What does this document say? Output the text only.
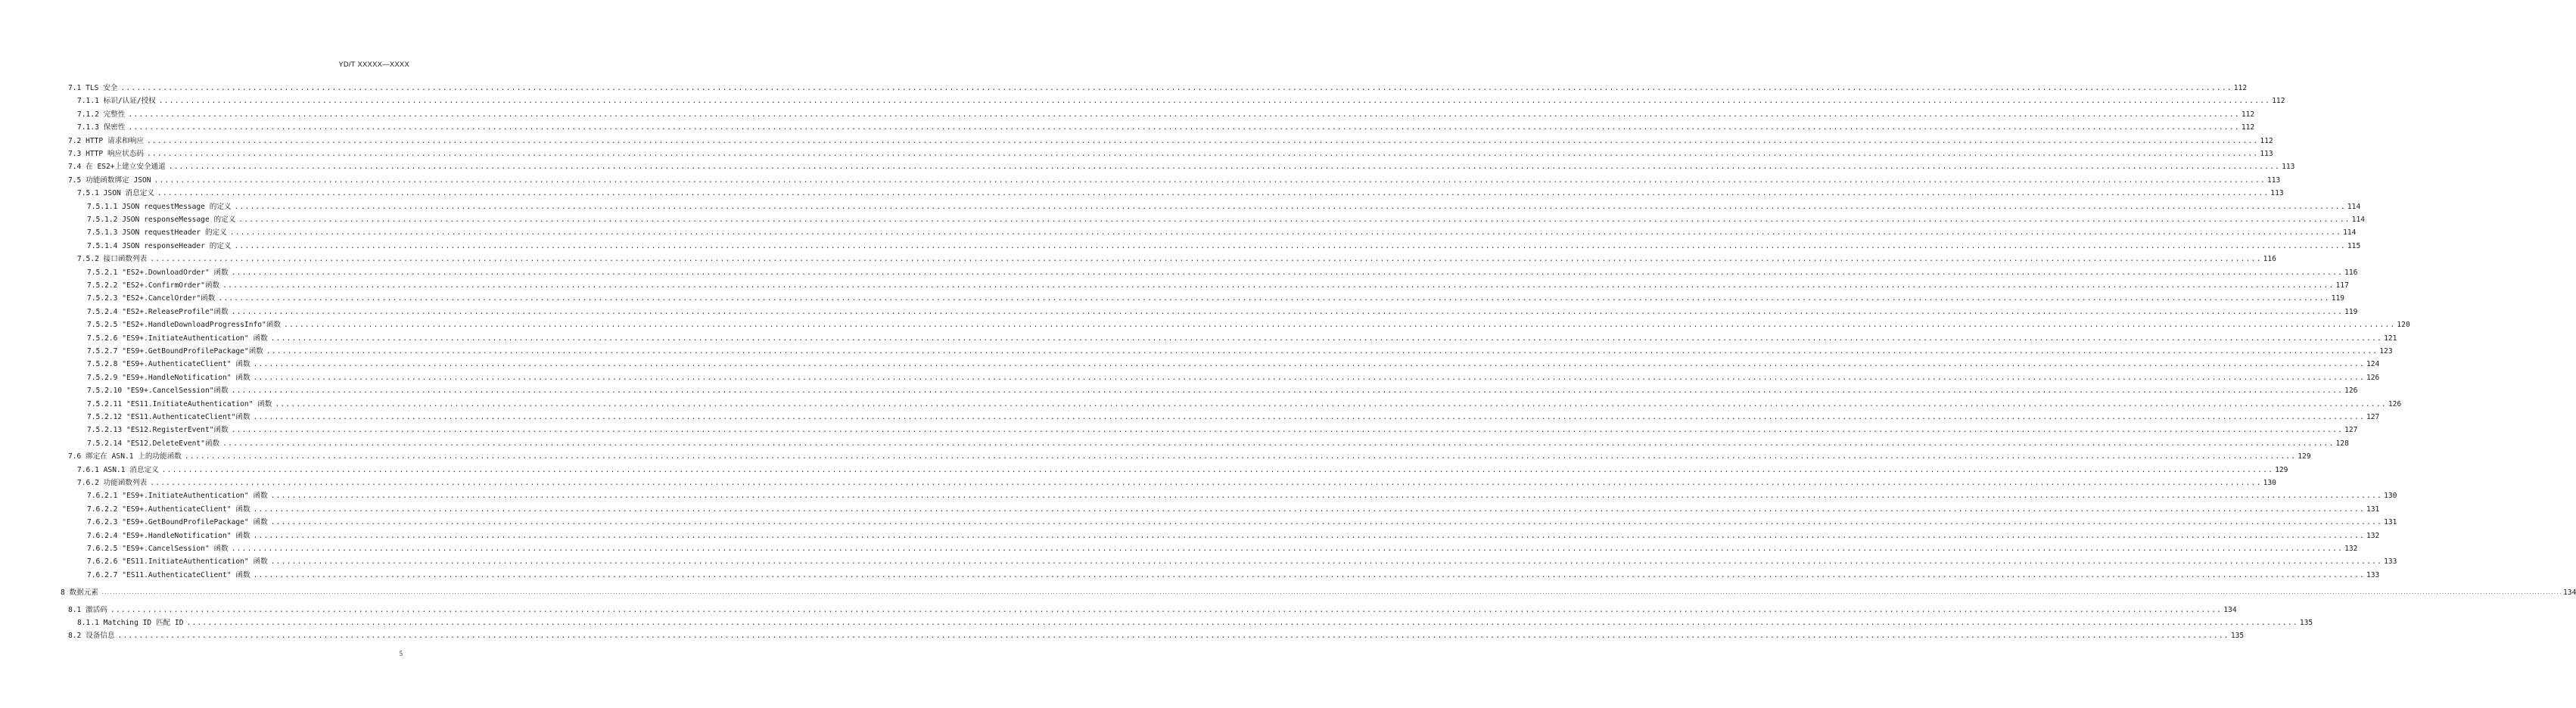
YD/T XXXXX—XXXX
7.1 TLS 安全 ................................................................................................................................................................................................................................................................................................................................................................................................................ 112
7.1.1 标识/认证/授权 ................................................................................................................................................................................................................................................................................................................................................................................................................ 112
7.1.2 完整性 ................................................................................................................................................................................................................................................................................................................................................................................................................ 112
7.1.3 保密性 ................................................................................................................................................................................................................................................................................................................................................................................................................ 112
7.2 HTTP 请求和响应 ................................................................................................................................................................................................................................................................................................................................................................................................................ 112
7.3 HTTP 响应状态码 ................................................................................................................................................................................................................................................................................................................................................................................................................ 113
7.4 在 ES2+上建立安全通道 ................................................................................................................................................................................................................................................................................................................................................................................................................ 113
7.5 功能函数绑定 JSON ................................................................................................................................................................................................................................................................................................................................................................................................................ 113
7.5.1 JSON 消息定义 ................................................................................................................................................................................................................................................................................................................................................................................................................ 113
7.5.1.1 JSON requestMessage 的定义 ................................................................................................................................................................................................................................................................................................................................................................................................................ 114
7.5.1.2 JSON responseMessage 的定义 ................................................................................................................................................................................................................................................................................................................................................................................................................ 114
7.5.1.3 JSON requestHeader 的定义 ................................................................................................................................................................................................................................................................................................................................................................................................................ 114
7.5.1.4 JSON responseHeader 的定义 ................................................................................................................................................................................................................................................................................................................................................................................................................ 115
7.5.2 接口函数列表 ................................................................................................................................................................................................................................................................................................................................................................................................................ 116
7.5.2.1 "ES2+.DownloadOrder" 函数 ................................................................................................................................................................................................................................................................................................................................................................................................................ 116
7.5.2.2 "ES2+.ConfirmOrder"函数 ................................................................................................................................................................................................................................................................................................................................................................................................................ 117
7.5.2.3 "ES2+.CancelOrder"函数 ................................................................................................................................................................................................................................................................................................................................................................................................................ 119
7.5.2.4 "ES2+.ReleaseProfile"函数 ................................................................................................................................................................................................................................................................................................................................................................................................................ 119
7.5.2.5 "ES2+.HandleDownloadProgressInfo"函数 ................................................................................................................................................................................................................................................................................................................................................................................................................ 120
7.5.2.6 "ES9+.InitiateAuthentication" 函数 ................................................................................................................................................................................................................................................................................................................................................................................................................ 121
7.5.2.7 "ES9+.GetBoundProfilePackage"函数 ................................................................................................................................................................................................................................................................................................................................................................................................................ 123
7.5.2.8 "ES9+.AuthenticateClient" 函数 ................................................................................................................................................................................................................................................................................................................................................................................................................ 124
7.5.2.9 "ES9+.HandleNotification" 函数 ................................................................................................................................................................................................................................................................................................................................................................................................................ 126
7.5.2.10 "ES9+.CancelSession"函数 ................................................................................................................................................................................................................................................................................................................................................................................................................ 126
7.5.2.11 "ES11.InitiateAuthentication" 函数 ................................................................................................................................................................................................................................................................................................................................................................................................................ 126
7.5.2.12 "ES11.AuthenticateClient"函数 ................................................................................................................................................................................................................................................................................................................................................................................................................ 127
7.5.2.13 "ES12.RegisterEvent"函数 ................................................................................................................................................................................................................................................................................................................................................................................................................ 127
7.5.2.14 "ES12.DeleteEvent"函数 ................................................................................................................................................................................................................................................................................................................................................................................................................ 128
7.6 绑定在 ASN.1 上的功能函数 ................................................................................................................................................................................................................................................................................................................................................................................................................ 129
7.6.1 ASN.1 消息定义 ................................................................................................................................................................................................................................................................................................................................................................................................................ 129
7.6.2 功能函数列表 ................................................................................................................................................................................................................................................................................................................................................................................................................ 130
7.6.2.1 "ES9+.InitiateAuthentication" 函数 ................................................................................................................................................................................................................................................................................................................................................................................................................ 130
7.6.2.2 "ES9+.AuthenticateClient" 函数 ................................................................................................................................................................................................................................................................................................................................................................................................................ 131
7.6.2.3 "ES9+.GetBoundProfilePackage" 函数 ................................................................................................................................................................................................................................................................................................................................................................................................................ 131
7.6.2.4 "ES9+.HandleNotification" 函数 ................................................................................................................................................................................................................................................................................................................................................................................................................ 132
7.6.2.5 "ES9+.CancelSession" 函数 ................................................................................................................................................................................................................................................................................................................................................................................................................ 132
7.6.2.6 "ES11.InitiateAuthentication" 函数 ................................................................................................................................................................................................................................................................................................................................................................................................................ 133
7.6.2.7 "ES11.AuthenticateClient" 函数 ................................................................................................................................................................................................................................................................................................................................................................................................................ 133
8 数据元素 .................................................................................................................................................................................................................................................................................................................................................................................................................................................................................................................................................................................................................................................................................................................................................................................................................................................................................................................................... 134
8.1 激活码 ................................................................................................................................................................................................................................................................................................................................................................................................................ 134
8.1.1 Matching ID 匹配 ID ................................................................................................................................................................................................................................................................................................................................................................................................................ 135
8.2 设备信息 ................................................................................................................................................................................................................................................................................................................................................................................................................ 135
5
